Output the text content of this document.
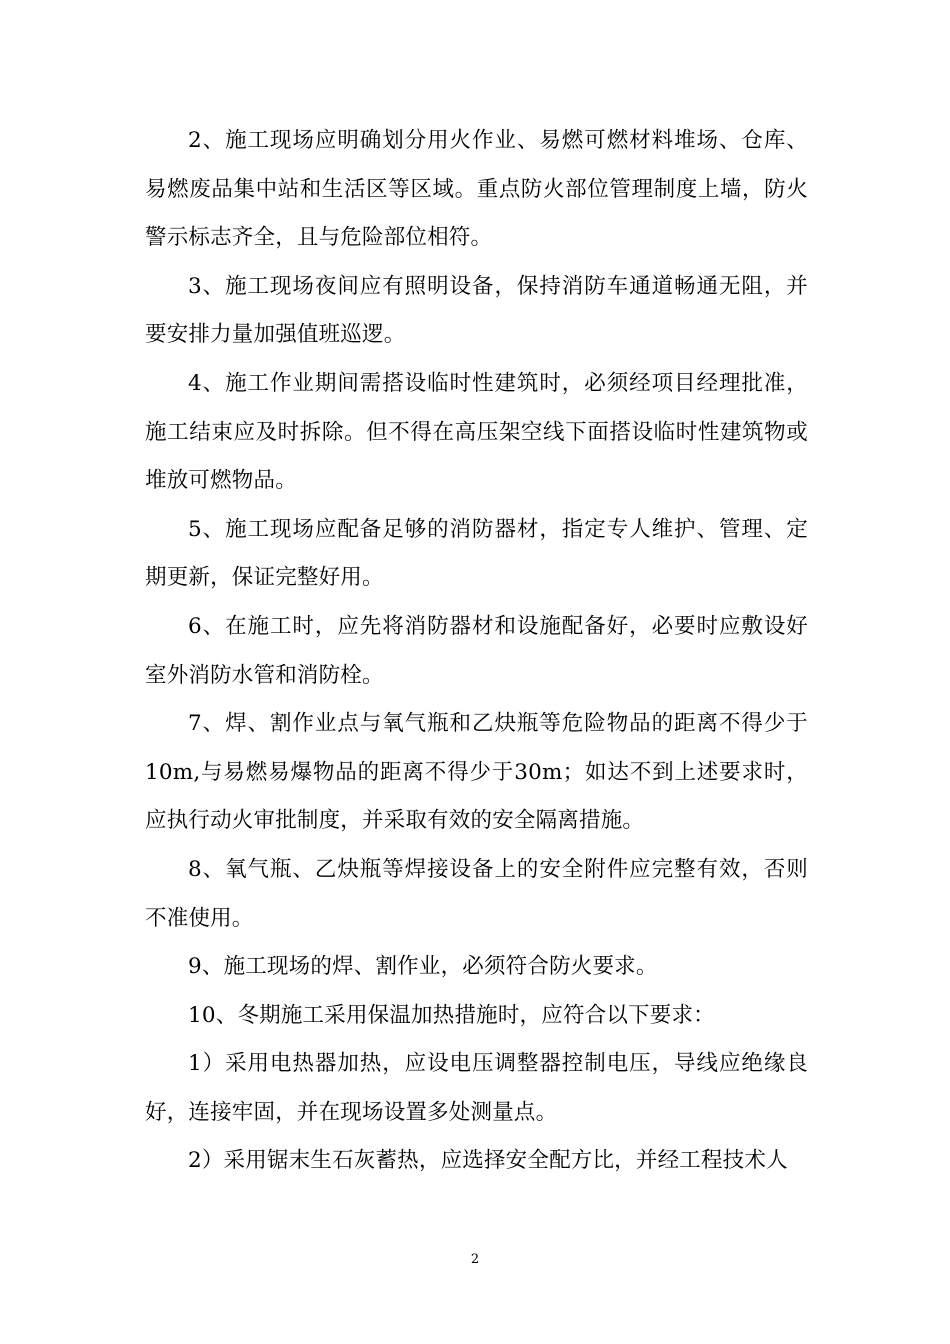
2、施工现场应明确划分用火作业、易燃可燃材料堆场、仓库、易燃废品集中站和生活区等区域。重点防火部位管理制度上墙，防火警示标志齐全，且与危险部位相符。

3、施工现场夜间应有照明设备，保持消防车通道畅通无阻，并要安排力量加强值班巡逻。

4、施工作业期间需搭设临时性建筑时，必须经项目经理批准，施工结束应及时拆除。但不得在高压架空线下面搭设临时性建筑物或堆放可燃物品。

5、施工现场应配备足够的消防器材，指定专人维护、管理、定期更新，保证完整好用。

6、在施工时，应先将消防器材和设施配备好，必要时应敷设好室外消防水管和消防栓。

7、焊、割作业点与氧气瓶和乙炔瓶等危险物品的距离不得少于10m,与易燃易爆物品的距离不得少于30m；如达不到上述要求时，应执行动火审批制度，并采取有效的安全隔离措施。

8、氧气瓶、乙炔瓶等焊接设备上的安全附件应完整有效，否则不准使用。

9、施工现场的焊、割作业，必须符合防火要求。

10、冬期施工采用保温加热措施时，应符合以下要求：

1）采用电热器加热，应设电压调整器控制电压，导线应绝缘良好，连接牢固，并在现场设置多处测量点。

2）采用锯末生石灰蓄热，应选择安全配方比，并经工程技术人

2
